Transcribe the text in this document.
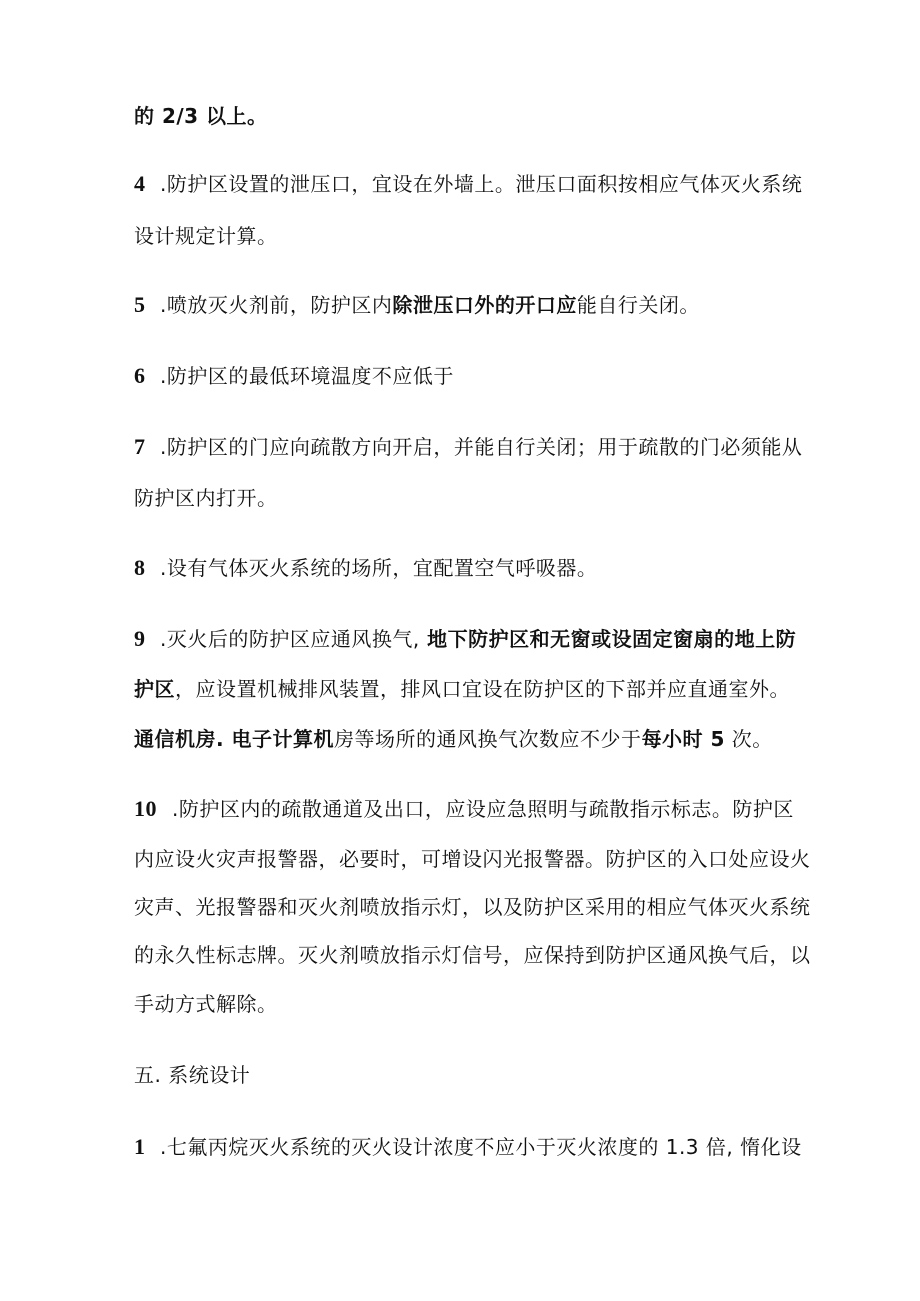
的 2/3 以上。
4 .防护区设置的泄压口，宜设在外墙上。泄压口面积按相应气体灭火系统
设计规定计算。
5 .喷放灭火剂前，防护区内除泄压口外的开口应能自行关闭。
6 .防护区的最低环境温度不应低于
7 .防护区的门应向疏散方向开启，并能自行关闭；用于疏散的门必须能从
防护区内打开。
8 .设有气体灭火系统的场所，宜配置空气呼吸器。
9 .灭火后的防护区应通风换气, 地下防护区和无窗或设固定窗扇的地上防
护区，应设置机械排风装置，排风口宜设在防护区的下部并应直通室外。
通信机房. 电子计算机房等场所的通风换气次数应不少于每小时 5 次。
10 .防护区内的疏散通道及出口，应设应急照明与疏散指示标志。防护区
内应设火灾声报警器，必要时，可增设闪光报警器。防护区的入口处应设火
灾声、光报警器和灭火剂喷放指示灯，以及防护区采用的相应气体灭火系统
的永久性标志牌。灭火剂喷放指示灯信号，应保持到防护区通风换气后，以
手动方式解除。
五. 系统设计
1 .七氟丙烷灭火系统的灭火设计浓度不应小于灭火浓度的 1.3 倍, 惰化设
